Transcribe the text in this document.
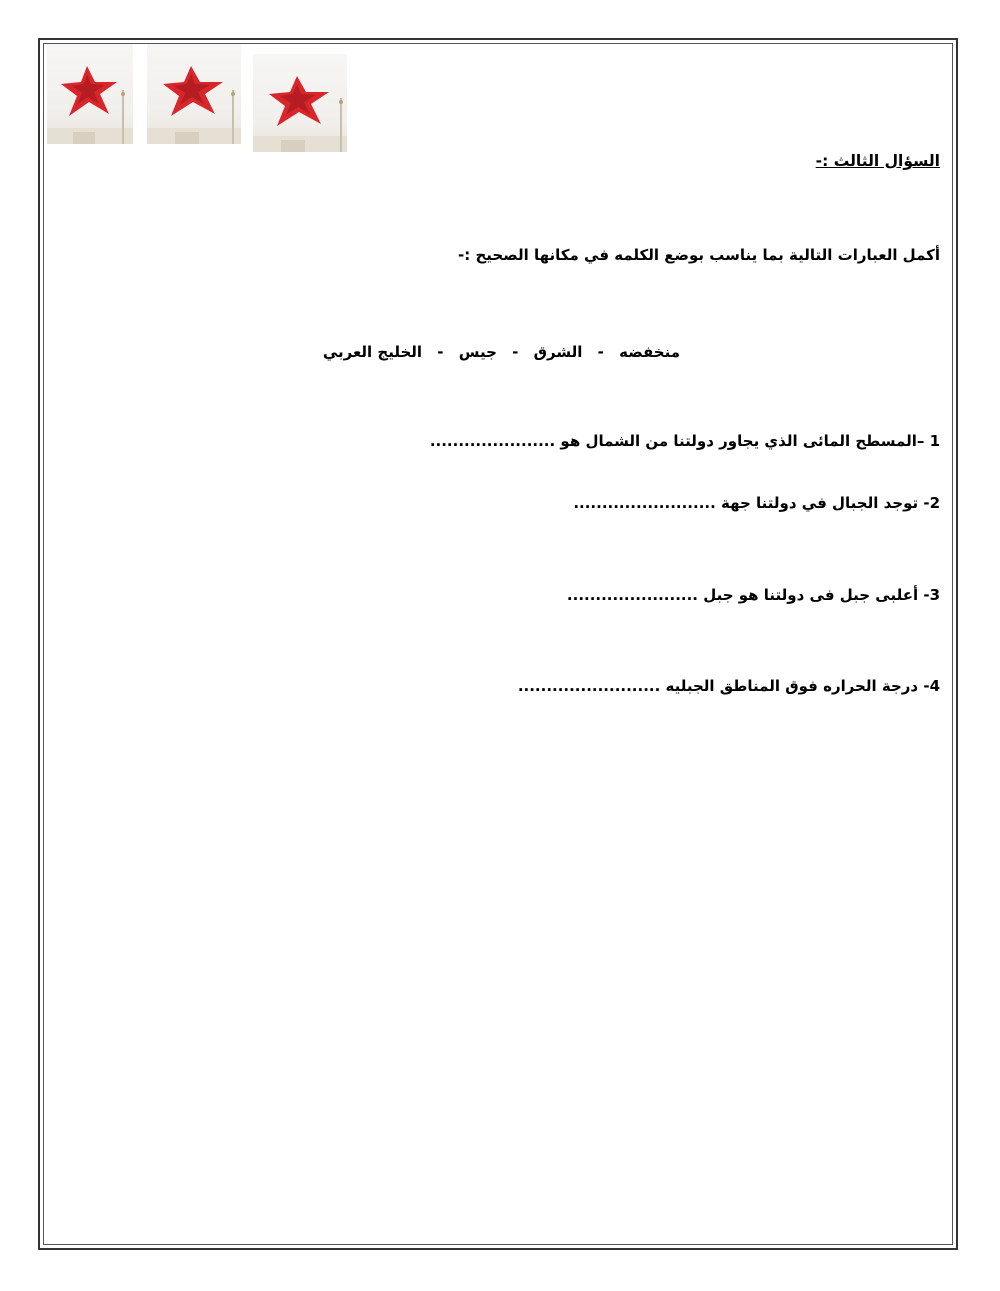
السؤال الثالث :-
أكمل العبارات التالية بما يناسب بوضع الكلمه في مكانها الصحيح :-
منخفضه - الشرق - جيس - الخليج العربي
1 –المسطح المائى الذي يجاور دولتنا من الشمال هو ......................
2- توجد الجبال في دولتنا جهة .........................
3- أعلبى جبل فى دولتنا هو جبل .......................
4- درجة الحراره فوق المناطق الجبليه .........................
